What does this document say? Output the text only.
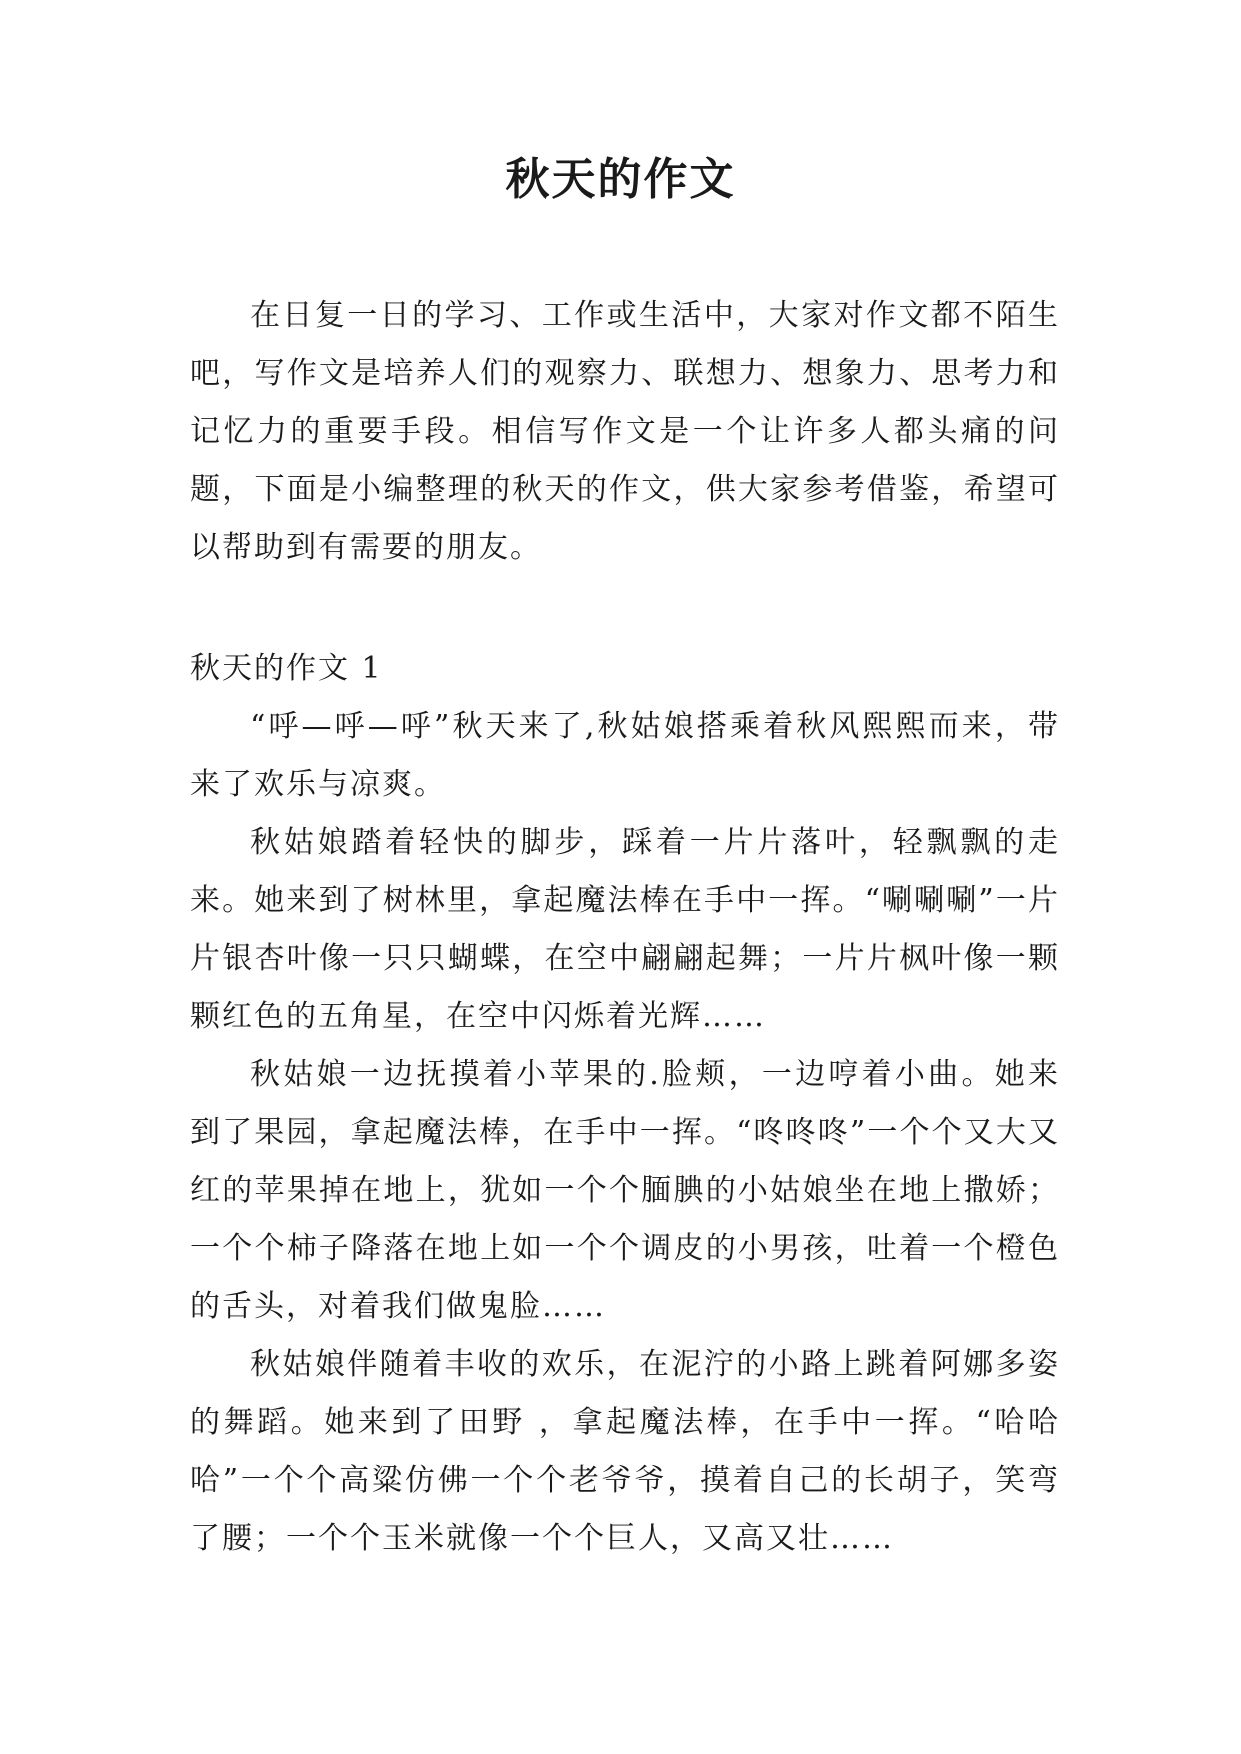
秋天的作文

在日复一日的学习、工作或生活中，大家对作文都不陌生吧，写作文是培养人们的观察力、联想力、想象力、思考力和记忆力的重要手段。相信写作文是一个让许多人都头痛的问题，下面是小编整理的秋天的作文，供大家参考借鉴，希望可以帮助到有需要的朋友。

秋天的作文 1

“呼—呼—呼”秋天来了,秋姑娘搭乘着秋风熙熙而来，带来了欢乐与凉爽。

秋姑娘踏着轻快的脚步，踩着一片片落叶，轻飘飘的走来。她来到了树林里，拿起魔法棒在手中一挥。“唰唰唰”一片片银杏叶像一只只蝴蝶，在空中翩翩起舞；一片片枫叶像一颗颗红色的五角星，在空中闪烁着光辉……

秋姑娘一边抚摸着小苹果的.脸颊，一边哼着小曲。她来到了果园，拿起魔法棒，在手中一挥。“咚咚咚”一个个又大又红的苹果掉在地上，犹如一个个腼腆的小姑娘坐在地上撒娇；一个个柿子降落在地上如一个个调皮的小男孩，吐着一个橙色的舌头，对着我们做鬼脸……

秋姑娘伴随着丰收的欢乐，在泥泞的小路上跳着阿娜多姿的舞蹈。她来到了田野 ，拿起魔法棒，在手中一挥。“哈哈哈”一个个高粱仿佛一个个老爷爷，摸着自己的长胡子，笑弯了腰；一个个玉米就像一个个巨人，又高又壮……
